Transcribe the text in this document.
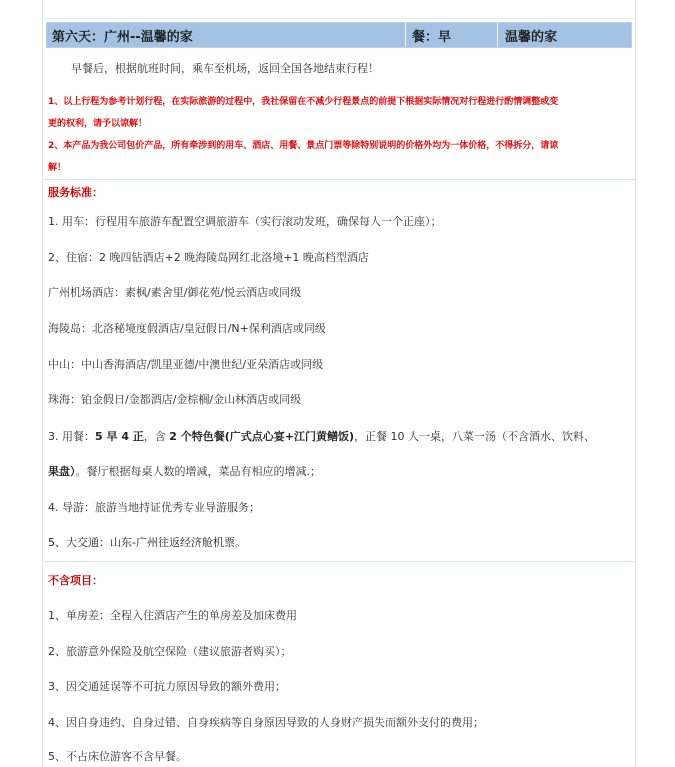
第六天：广州--温馨的家	餐：早	温馨的家
早餐后，根据航班时间，乘车至机场，返回全国各地结束行程！
1、以上行程为参考计划行程，在实际旅游的过程中，我社保留在不减少行程景点的前提下根据实际情况对行程进行酌情调整或变
更的权利，请予以谅解！
2、本产品为我公司包价产品，所有牵涉到的用车、酒店、用餐、景点门票等除特别说明的价格外均为一体价格，不得拆分，请谅
解！
服务标准：
1. 用车：行程用车旅游车配置空调旅游车（实行滚动发班，确保每人一个正座）；
2、住宿：2 晚四钻酒店+2 晚海陵岛网红北洛境+1 晚高档型酒店
广州机场酒店：素枫/素舍里/御花苑/悦云酒店或同级
海陵岛：北洛秘境度假酒店/皇冠假日/N+保利酒店或同级
中山：中山香海酒店/凯里亚德/中澳世纪/亚朵酒店或同级
珠海：铂金假日/金都酒店/金棕榈/金山林酒店或同级
3. 用餐：5 早 4 正，含 2 个特色餐(广式点心宴+江门黄鳝饭)，正餐 10 人一桌，八菜一汤（不含酒水、饮料、
果盘）。餐厅根据每桌人数的增减，菜品有相应的增减.；
4. 导游：旅游当地持证优秀专业导游服务；
5、大交通：山东-广州往返经济舱机票。
不含项目：
1、单房差：全程入住酒店产生的单房差及加床费用
2、旅游意外保险及航空保险（建议旅游者购买）；
3、因交通延误等不可抗力原因导致的额外费用；
4、因自身违约、自身过错、自身疾病等自身原因导致的人身财产损失而额外支付的费用；
5、不占床位游客不含早餐。
